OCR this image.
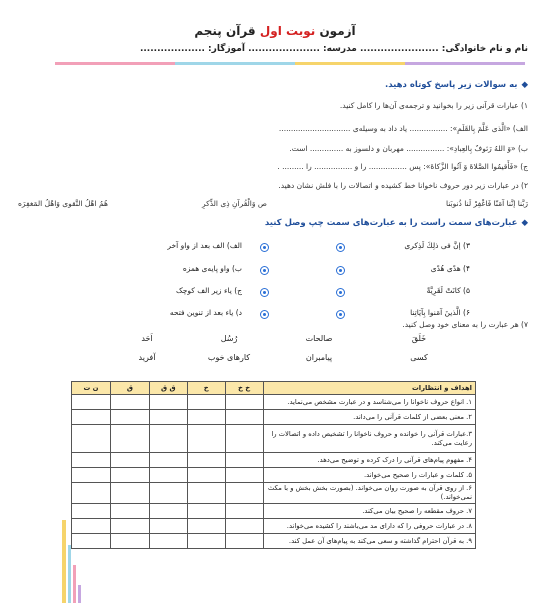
آزمون نوبت اول قرآن پنجم
نام و نام خانوادگی: ....................... مدرسه: ..................... آموزگار: ...................
◆به سوالات زیر پاسخ کوتاه دهید.
۱) عبارات قرآنی زیر را بخوانید و ترجمه‌ی آن‌ها را کامل کنید.
الف) «الَّذی عَلَّمَ بِالقَلَمِ»: ................ یاد داد به وسیله‌ی ..............................
ب) «وَ اللهُ رَئوفٌ بِالعِبادِ»: ................ مهربان و دلسوز به .............. است.
ج) «فَأَقیمُوا الصَّلاةَ وَ آتُوا الزَّكاةَ»: پس ................ را و ................ را ......... .
۲) در عبارات زیر دور حروف ناخوانا خط کشیده و اتصالات را با فلش نشان دهید.
هُمُ اهْلُ التَّقوى وَاهْلُ المَغفِرَه	ص وَالْقُرآنِ ذِی الذِّكرِ	رَبَّنا إنَّنا آمَنّا فَاغْفِرْ لَنا ذُنوبَنا
◆عبارت‌های سمت راست را به عبارت‌های سمت چپ وصل کنید
۳) إنَّ فی ذلِكَ لَذِكری
۴) هدًی هُدًی
۵) كانَتْ لَقَرِيَّةً
۶) الَّذينَ آمَنوا بِآيَاتِنا
الف) الف بعد از واو آخر
ب) واو پایه‌ی همزه
ج) یاء زیر الف کوچک
د) یاء بعد از تنوین فتحه
۷) هر عبارت را به معنای خود وصل کنید.
خَلَقَ
صالحات
رُسُل
اَحَد
کسی
پیامبران
کارهای خوب
آفرید
اهداف و انتظارات	خ خ	خ	ق ق	ق	ن ت
۱. انواع حروف ناخوانا را می‌شناسد و در عبارت مشخص می‌نماید.					
۲. معنی بعضی از کلمات قرآنی را می‌داند.					
۳.عبارات قرآنی را خوانده و حروف ناخوانا را تشخیص داده و اتصالات را رعایت می‌کند.					
۴. مفهوم پیام‌های قرآنی را درک کرده و توضیح می‌دهد.					
۵. کلمات و عبارات را صحیح می‌خواند.					
۶. از روی قرآن به صورت روان می‌خواند. (بصورت بخش بخش و با مکث نمی‌خواند.)					
۷. حروف مقطعه را صحیح بیان می‌کند.					
۸. در عبارات حروفی را که دارای مد می‌باشند را کشیده می‌خواند.					
۹. به قرآن احترام گذاشته و سعی می‌کند به پیام‌های آن عمل کند.					
